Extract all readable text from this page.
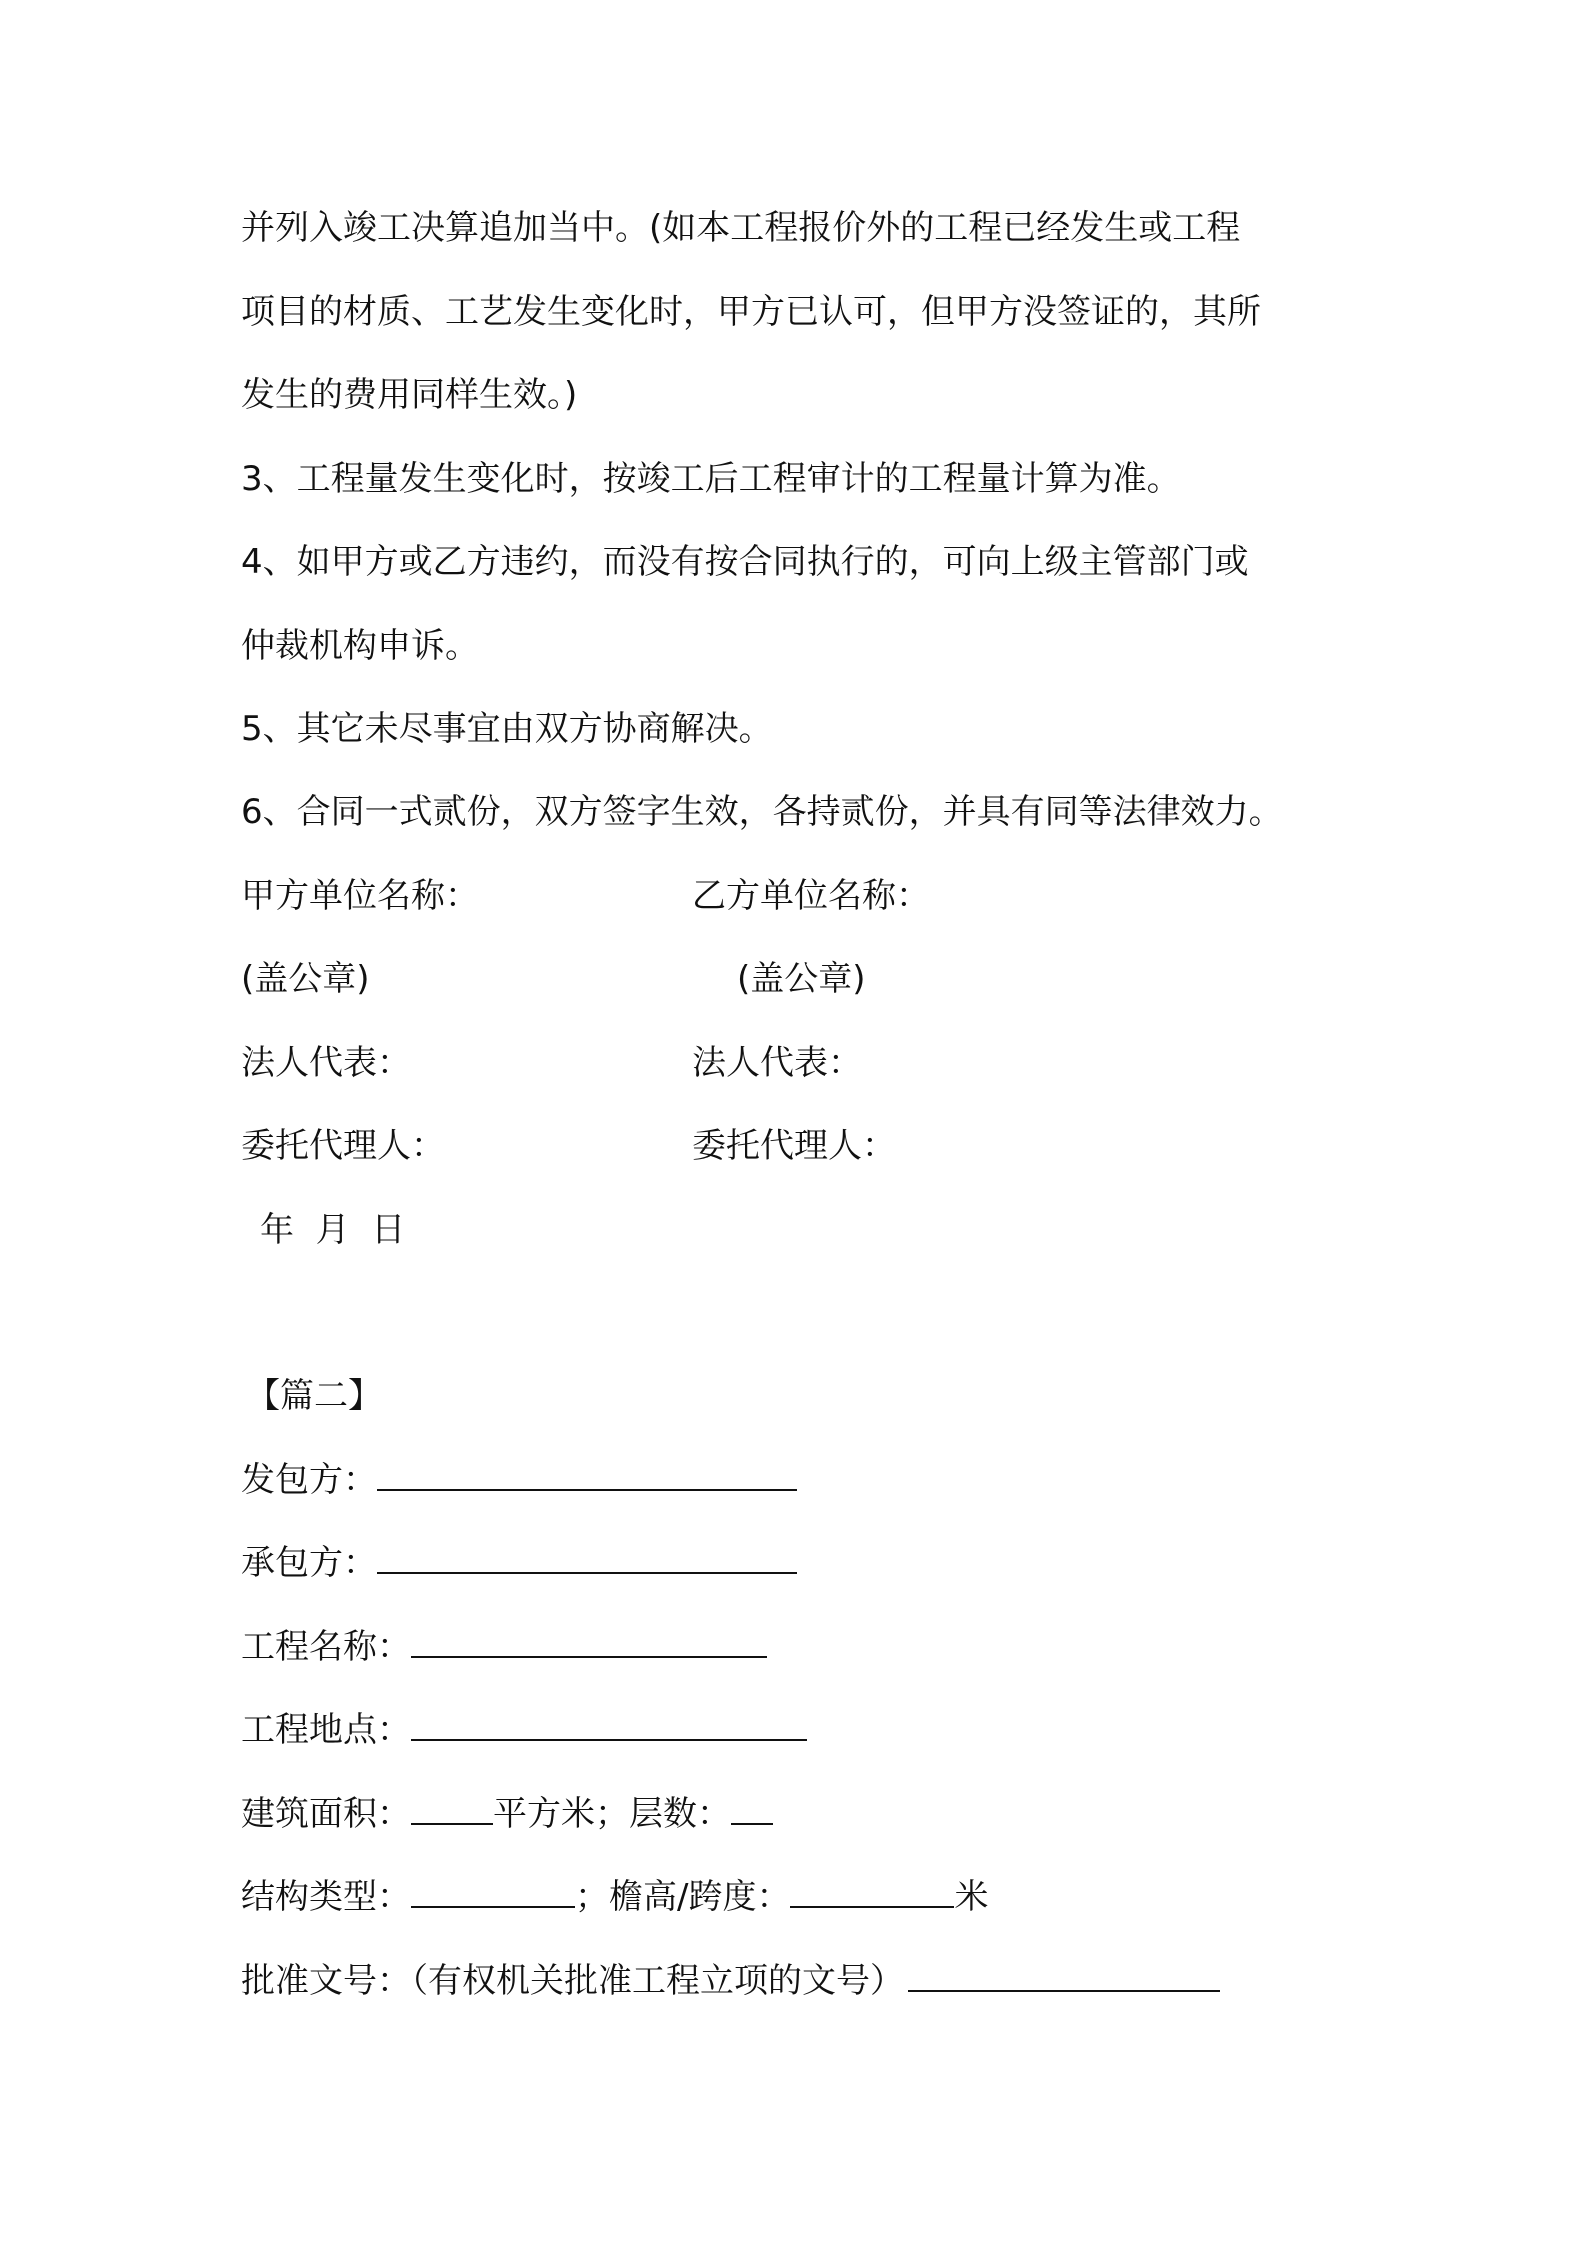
并列入竣工决算追加当中。(如本工程报价外的工程已经发生或工程
项目的材质、工艺发生变化时，甲方已认可，但甲方没签证的，其所
发生的费用同样生效。)
3、工程量发生变化时，按竣工后工程审计的工程量计算为准。
4、如甲方或乙方违约，而没有按合同执行的，可向上级主管部门或
仲裁机构申诉。
5、其它未尽事宜由双方协商解决。
6、合同一式贰份，双方签字生效，各持贰份，并具有同等法律效力。
甲方单位名称：	乙方单位名称：
(盖公章)	(盖公章)
法人代表：	法人代表：
委托代理人：	委托代理人：
年  月  日
【篇二】
发包方：
承包方：
工程名称：
工程地点：
建筑面积： 平方米；层数：
结构类型：	；檐高/跨度：	米
批准文号：（有权机关批准工程立项的文号）
